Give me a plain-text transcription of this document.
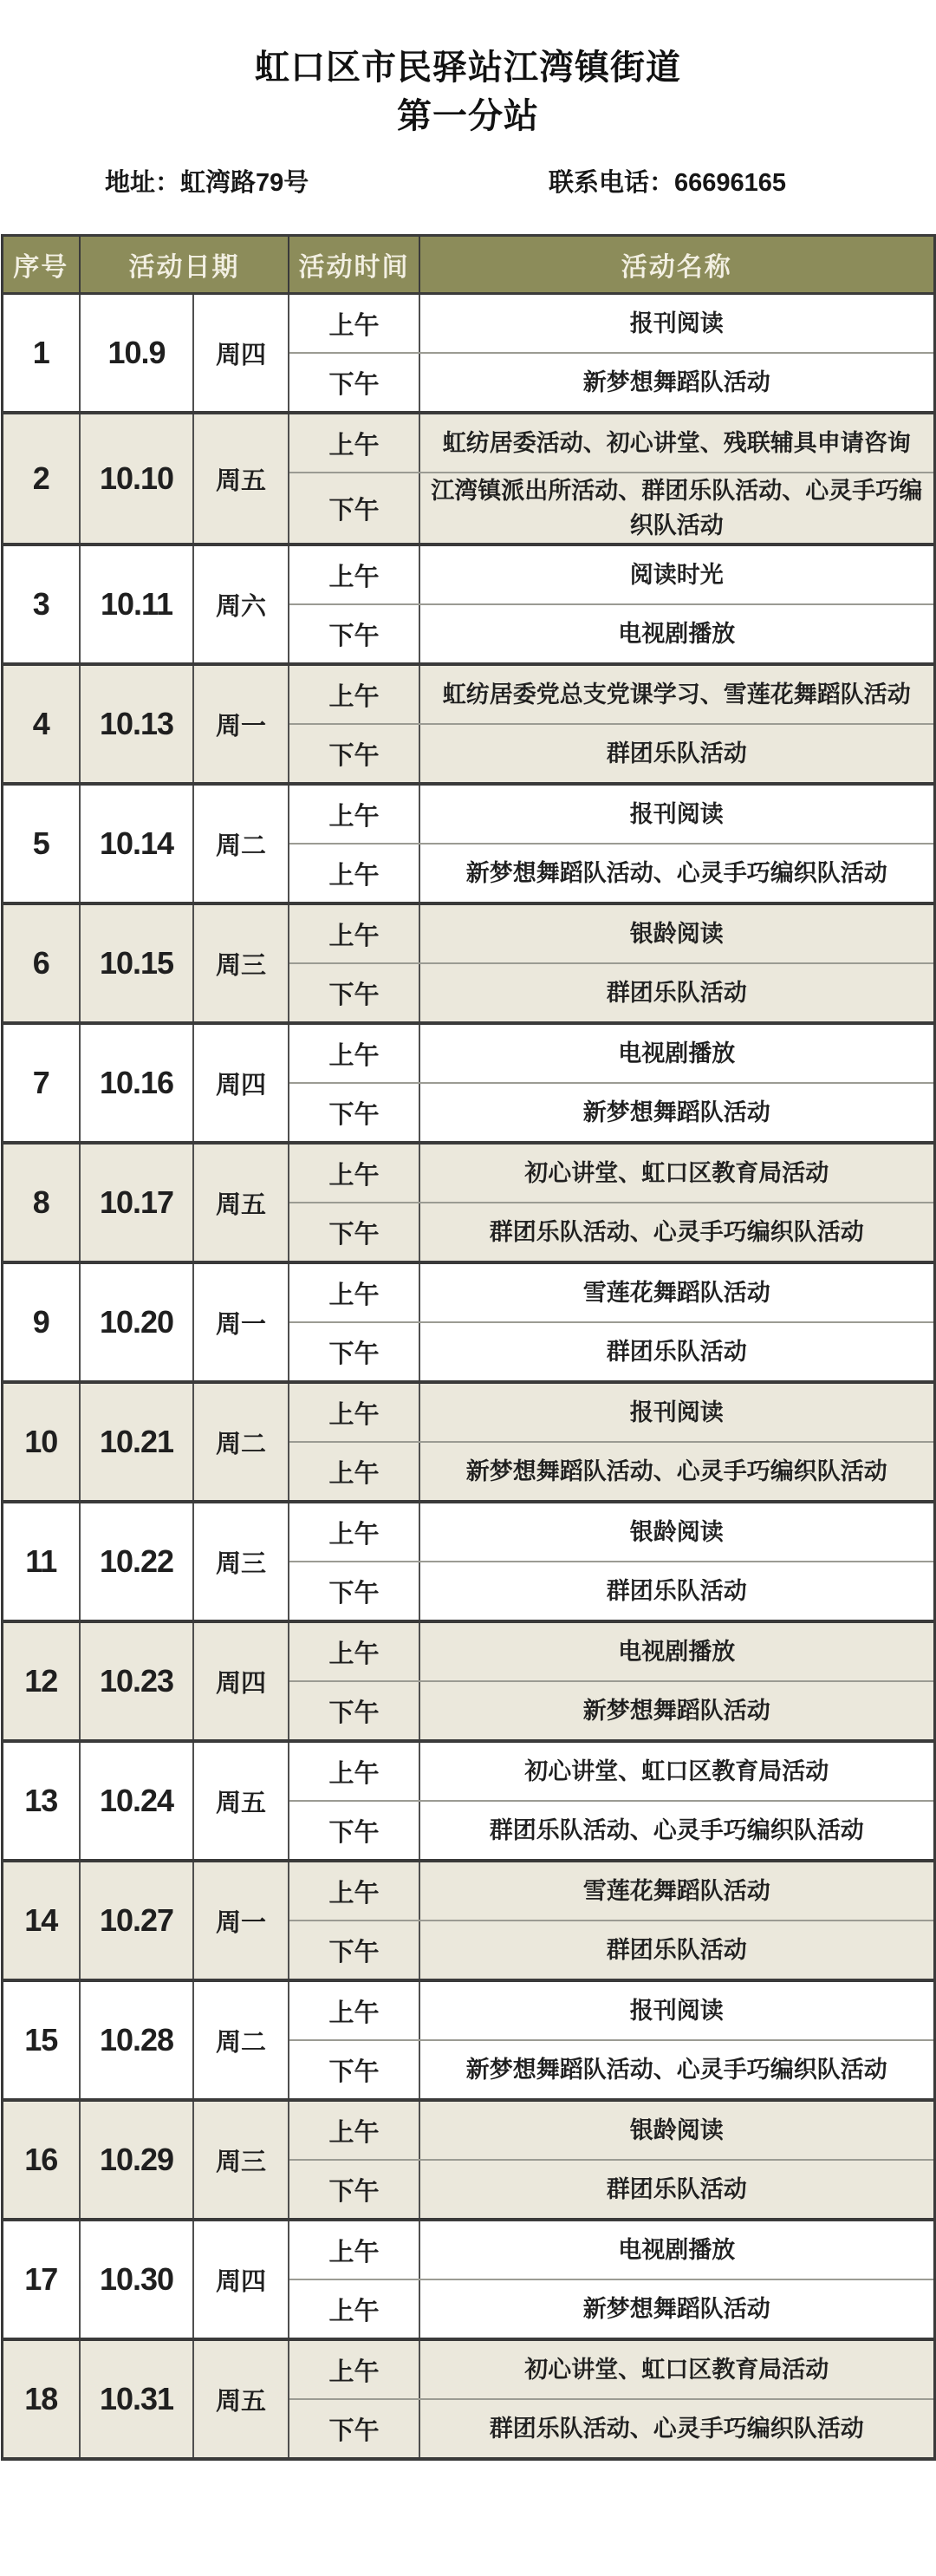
虹口区市民驿站江湾镇街道
第一分站
地址：虹湾路79号	联系电话：66696165
序号	活动日期		活动时间	活动名称
1	10.9	周四	上午	报刊阅读
			下午	新梦想舞蹈队活动
2	10.10	周五	上午	虹纺居委活动、初心讲堂、残联辅具申请咨询
			下午	江湾镇派出所活动、群团乐队活动、心灵手巧编织队活动
3	10.11	周六	上午	阅读时光
			下午	电视剧播放
4	10.13	周一	上午	虹纺居委党总支党课学习、雪莲花舞蹈队活动
			下午	群团乐队活动
5	10.14	周二	上午	报刊阅读
			上午	新梦想舞蹈队活动、心灵手巧编织队活动
6	10.15	周三	上午	银龄阅读
			下午	群团乐队活动
7	10.16	周四	上午	电视剧播放
			下午	新梦想舞蹈队活动
8	10.17	周五	上午	初心讲堂、虹口区教育局活动
			下午	群团乐队活动、心灵手巧编织队活动
9	10.20	周一	上午	雪莲花舞蹈队活动
			下午	群团乐队活动
10	10.21	周二	上午	报刊阅读
			上午	新梦想舞蹈队活动、心灵手巧编织队活动
11	10.22	周三	上午	银龄阅读
			下午	群团乐队活动
12	10.23	周四	上午	电视剧播放
			下午	新梦想舞蹈队活动
13	10.24	周五	上午	初心讲堂、虹口区教育局活动
			下午	群团乐队活动、心灵手巧编织队活动
14	10.27	周一	上午	雪莲花舞蹈队活动
			下午	群团乐队活动
15	10.28	周二	上午	报刊阅读
			下午	新梦想舞蹈队活动、心灵手巧编织队活动
16	10.29	周三	上午	银龄阅读
			下午	群团乐队活动
17	10.30	周四	上午	电视剧播放
			上午	新梦想舞蹈队活动
18	10.31	周五	上午	初心讲堂、虹口区教育局活动
			下午	群团乐队活动、心灵手巧编织队活动
